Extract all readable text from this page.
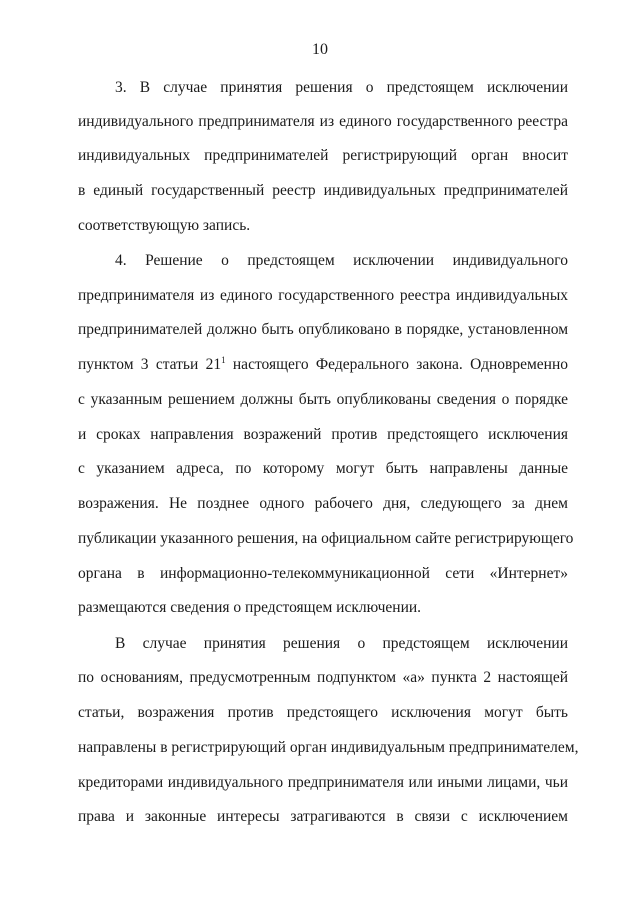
10
3. В случае принятия решения о предстоящем исключении
индивидуального предпринимателя из единого государственного реестра
индивидуальных предпринимателей регистрирующий орган вносит
в единый государственный реестр индивидуальных предпринимателей
соответствующую запись.
4. Решение о предстоящем исключении индивидуального
предпринимателя из единого государственного реестра индивидуальных
предпринимателей должно быть опубликовано в порядке, установленном
пунктом 3 статьи $21^1$ настоящего Федерального закона. Одновременно
с указанным решением должны быть опубликованы сведения о порядке
и сроках направления возражений против предстоящего исключения
с указанием адреса, по которому могут быть направлены данные
возражения. Не позднее одного рабочего дня, следующего за днем
публикации указанного решения, на официальном сайте регистрирующего
органа в информационно-телекоммуникационной сети «Интернет»
размещаются сведения о предстоящем исключении.
В случае принятия решения о предстоящем исключении
по основаниям, предусмотренным подпунктом «а» пункта 2 настоящей
статьи, возражения против предстоящего исключения могут быть
направлены в регистрирующий орган индивидуальным предпринимателем,
кредиторами индивидуального предпринимателя или иными лицами, чьи
права и законные интересы затрагиваются в связи с исключением
